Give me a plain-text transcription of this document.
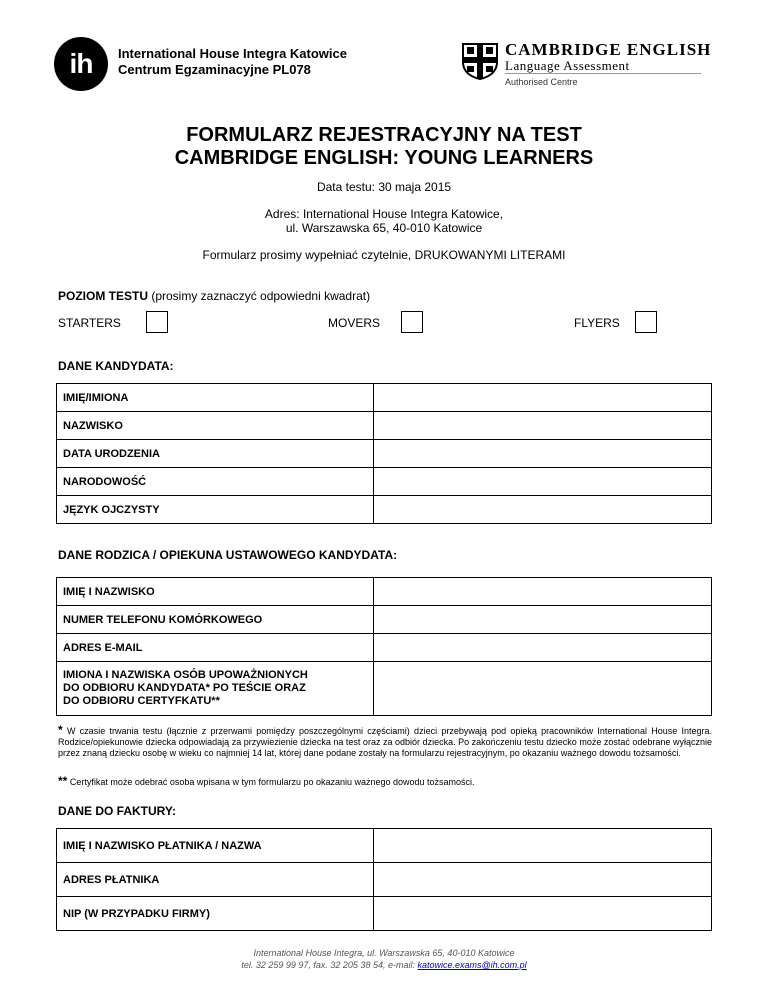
ih	International House Integra Katowice
Centrum Egzaminacyjne PL078
CAMBRIDGE ENGLISH
Language Assessment
Authorised Centre
FORMULARZ REJESTRACYJNY NA TEST
CAMBRIDGE ENGLISH: YOUNG LEARNERS
Data testu: 30 maja 2015
Adres: International House Integra Katowice,
ul. Warszawska 65, 40-010 Katowice
Formularz prosimy wypełniać czytelnie, DRUKOWANYMI LITERAMI
POZIOM TESTU (prosimy zaznaczyć odpowiedni kwadrat)
STARTERS	MOVERS	FLYERS
DANE KANDYDATA:
IMIĘ/IMIONA	
NAZWISKO	
DATA URODZENIA	
NARODOWOŚĆ	
JĘZYK OJCZYSTY	
DANE RODZICA / OPIEKUNA USTAWOWEGO KANDYDATA:
IMIĘ I NAZWISKO	
NUMER TELEFONU KOMÓRKOWEGO	
ADRES E-MAIL	

IMIONA I NAZWISKA OSÓB UPOWAŻNIONYCH
DO ODBIORU KANDYDATA* PO TEŚCIE ORAZ
DO ODBIORU CERTYFKATU**	

* W czasie trwania testu (łącznie z przerwami pomiędzy poszczególnymi częściami) dzieci przebywają pod opieką pracowników International House Integra. Rodzice/opiekunowie dziecka odpowiadają za przywiezienie dziecka na test oraz za odbiór dziecka. Po zakończeniu testu dziecko może zostać odebrane wyłącznie przez znaną dziecku osobę w wieku co najmniej 14 lat, której dane podane zostały na formularzu rejestracyjnym, po okazaniu ważnego dowodu tożsamości.
** Certyfikat może odebrać osoba wpisana w tym formularzu po okazaniu ważnego dowodu tożsamości.
DANE DO FAKTURY:
IMIĘ I NAZWISKO PŁATNIKA / NAZWA	
ADRES PŁATNIKA	
NIP (W PRZYPADKU FIRMY)	
International House Integra, ul. Warszawska 65, 40-010 Katowice
tel. 32 259 99 97, fax. 32 205 38 54, e-mail: katowice.exams@ih.com.pl
